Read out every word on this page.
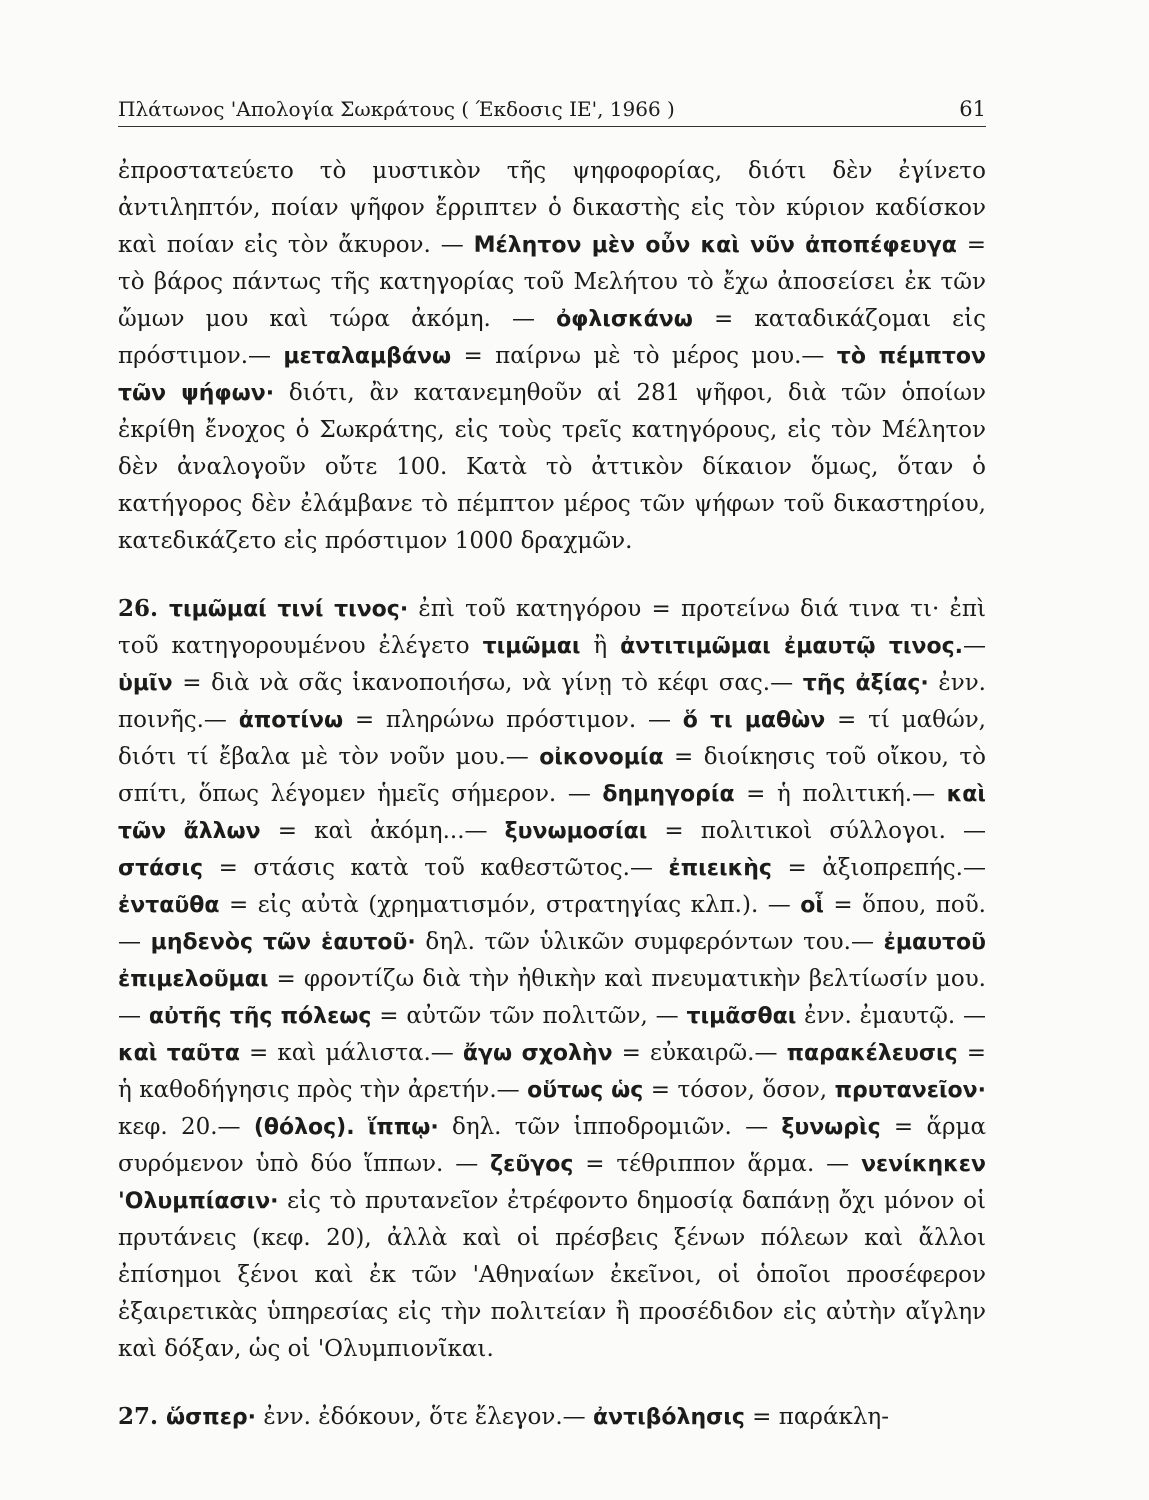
Πλάτωνος 'Απολογία Σωκράτους ( Έκδοσις ΙΕ', 1966 )	61

ἐπροστατεύετο τὸ μυστικὸν τῆς ψηφοφορίας, διότι δὲν ἐγίνετο ἀντιληπτόν, ποίαν ψῆφον ἔρριπτεν ὁ δικαστὴς εἰς τὸν κύριον καδίσκον καὶ ποίαν εἰς τὸν ἄκυρον. — Μέλητον μὲν οὖν καὶ νῦν ἀποπέφευγα = τὸ βάρος πάντως τῆς κατηγορίας τοῦ Μελήτου τὸ ἔχω ἀποσείσει ἐκ τῶν ὤμων μου καὶ τώρα ἀκόμη. — ὀφλισκάνω = καταδικάζομαι εἰς πρόστιμον.— μεταλαμβάνω = παίρνω μὲ τὸ μέρος μου.— τὸ πέμπτον τῶν ψήφων· διότι, ἂν κατανεμηθοῦν αἱ 281 ψῆφοι, διὰ τῶν ὁποίων ἐκρίθη ἔνοχος ὁ Σωκράτης, εἰς τοὺς τρεῖς κατηγόρους, εἰς τὸν Μέλητον δὲν ἀναλογοῦν οὔτε 100. Κατὰ τὸ ἀττικὸν δίκαιον ὅμως, ὅταν ὁ κατήγορος δὲν ἐλάμβανε τὸ πέμπτον μέρος τῶν ψήφων τοῦ δικαστηρίου, κατεδικάζετο εἰς πρόστιμον 1000 δραχμῶν.

26. τιμῶμαί τινί τινος· ἐπὶ τοῦ κατηγόρου = προτείνω διά τινα τι· ἐπὶ τοῦ κατηγορουμένου ἐλέγετο τιμῶμαι ἢ ἀντιτιμῶμαι ἐμαυτῷ τινος.— ὑμῖν = διὰ νὰ σᾶς ἱκανοποιήσω, νὰ γίνῃ τὸ κέφι σας.— τῆς ἀξίας· ἐνν. ποινῆς.— ἀποτίνω = πληρώνω πρόστιμον. — ὅ τι μαθὼν = τί μαθών, διότι τί ἔβαλα μὲ τὸν νοῦν μου.— οἰκονομία = διοίκησις τοῦ οἴκου, τὸ σπίτι, ὅπως λέγομεν ἡμεῖς σήμερον. — δημηγορία = ἡ πολιτική.— καὶ τῶν ἄλλων = καὶ ἀκόμη...— ξυνωμοσίαι = πολιτικοὶ σύλλογοι. — στάσις = στάσις κατὰ τοῦ καθεστῶτος.— ἐπιεικὴς = ἀξιοπρεπής.— ἐνταῦθα = εἰς αὐτὰ (χρηματισμόν, στρατηγίας κλπ.). — οἷ = ὅπου, ποῦ. — μηδενὸς τῶν ἑαυτοῦ· δηλ. τῶν ὑλικῶν συμφερόντων του.— ἐμαυτοῦ ἐπιμελοῦμαι = φροντίζω διὰ τὴν ἠθικὴν καὶ πνευματικὴν βελτίωσίν μου. — αὐτῆς τῆς πόλεως = αὐτῶν τῶν πολιτῶν, — τιμᾶσθαι ἐνν. ἐμαυτῷ. — καὶ ταῦτα = καὶ μάλιστα.— ἄγω σχολὴν = εὐκαιρῶ.— παρακέλευσις = ἡ καθοδήγησις πρὸς τὴν ἀρετήν.— οὕτως ὡς = τόσον, ὅσον, πρυτανεῖον· κεφ. 20.— (θόλος). ἵππῳ· δηλ. τῶν ἱπποδρομιῶν. — ξυνωρὶς = ἅρμα συρόμενον ὑπὸ δύο ἵππων. — ζεῦγος = τέθριππον ἅρμα. — νενίκηκεν 'Ολυμπίασιν· εἰς τὸ πρυτανεῖον ἐτρέφοντο δημοσίᾳ δαπάνῃ ὄχι μόνον οἱ πρυτάνεις (κεφ. 20), ἀλλὰ καὶ οἱ πρέσβεις ξένων πόλεων καὶ ἄλλοι ἐπίσημοι ξένοι καὶ ἐκ τῶν 'Αθηναίων ἐκεῖνοι, οἱ ὁποῖοι προσέφερον ἐξαιρετικὰς ὑπηρεσίας εἰς τὴν πολιτείαν ἢ προσέδιδον εἰς αὐτὴν αἴγλην καὶ δόξαν, ὡς οἱ 'Ολυμπιονῖκαι.

27. ὥσπερ· ἐνν. ἐδόκουν, ὅτε ἔλεγον.— ἀντιβόλησις = παράκλη-
